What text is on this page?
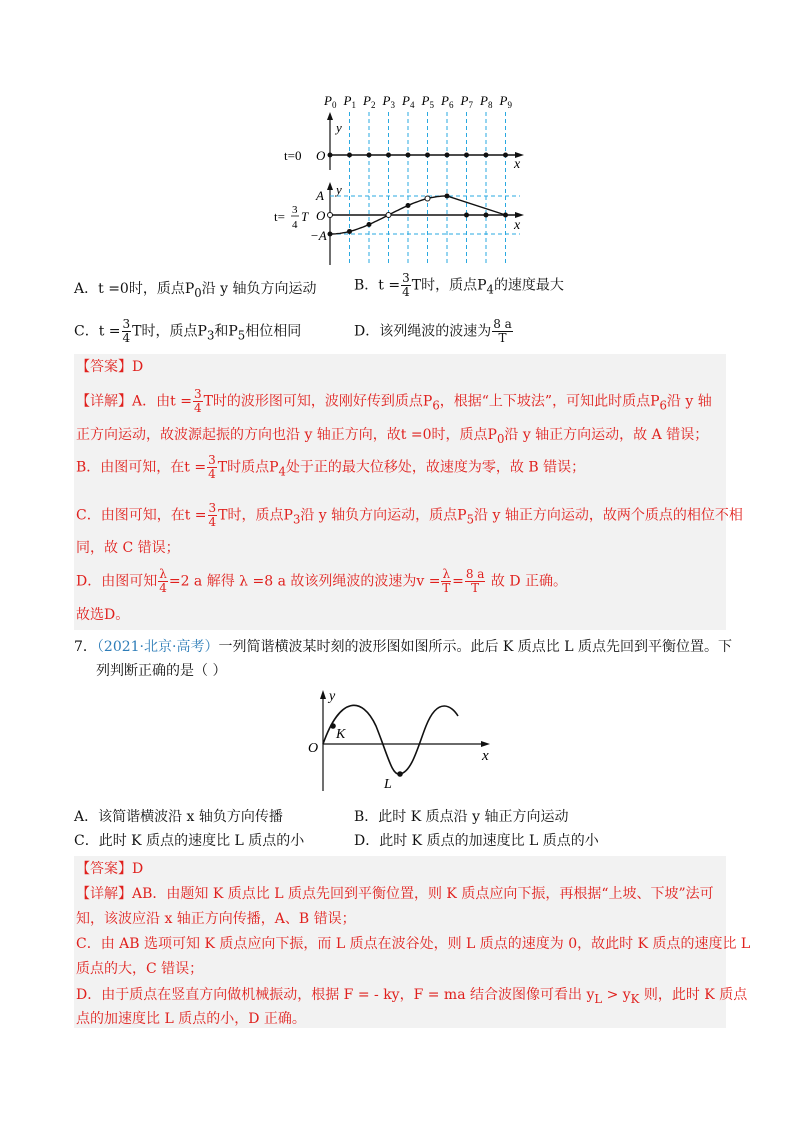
$P_0$ $P_1$ $P_2$ $P_3$ $P_4$ $P_5$ $P_6$ $P_7$ $P_8$ $P_9$
y
x
O
t=0
y
x
O
A
−A
t= 3
4
T
A．t =0时，质点$P_0$沿 y 轴负方向运动	B．$t = \frac{3}{4}$ T时，质点$P_4$的速度最大
C．$t = \frac{3}{4}$ T时，质点$P_3$和$P_5$相位相同	D．该列绳波的波速为 $\frac{8 a}{T}$
【答案】D
【详解】A．由$t = \frac{3}{4}$ T时的波形图可知，波刚好传到质点$P_6$，根据“上下坡法”，可知此时质点$P_6$沿 y 轴
正方向运动，故波源起振的方向也沿 y 轴正方向，故t =0时，质点$P_0$沿 y 轴正方向运动，故 A 错误；
B．由图可知，在$t = \frac{3}{4}$ T时质点$P_4$处于正的最大位移处，故速度为零，故 B 错误；
C．由图可知，在$t = \frac{3}{4}$ T时，质点$P_3$沿 y 轴负方向运动，质点$P_5$沿 y 轴正方向运动，故两个质点的相位不相
同，故 C 错误；
D．由图可知 $\frac{\lambda}{4} =2$ a 解得 λ =8 a 故该列绳波的波速为$v = \frac{\lambda}{T} = \frac{8 a}{T}$ 故 D 正确。
故选D。
7．（2021·北京·高考）一列简谐横波某时刻的波形图如图所示。此后 K 质点比 L 质点先回到平衡位置。下
列判断正确的是（ ）
y
x
O
K
L
A．该简谐横波沿 x 轴负方向传播	B．此时 K 质点沿 y 轴正方向运动
C．此时 K 质点的速度比 L 质点的小	D．此时 K 质点的加速度比 L 质点的小
【答案】D
【详解】AB．由题知 K 质点比 L 质点先回到平衡位置，则 K 质点应向下振，再根据“上坡、下坡”法可
知，该波应沿 x 轴正方向传播，A、B 错误；
C．由 AB 选项可知 K 质点应向下振，而 L 质点在波谷处，则 L 质点的速度为 0，故此时 K 质点的速度比 L
质点的大，C 错误；
D．由于质点在竖直方向做机械振动，根据 F = - ky，F = ma 结合波图像可看出 $y_L > y_K$ 则，此时 K 质点
点的加速度比 L 质点的小，D 正确。
